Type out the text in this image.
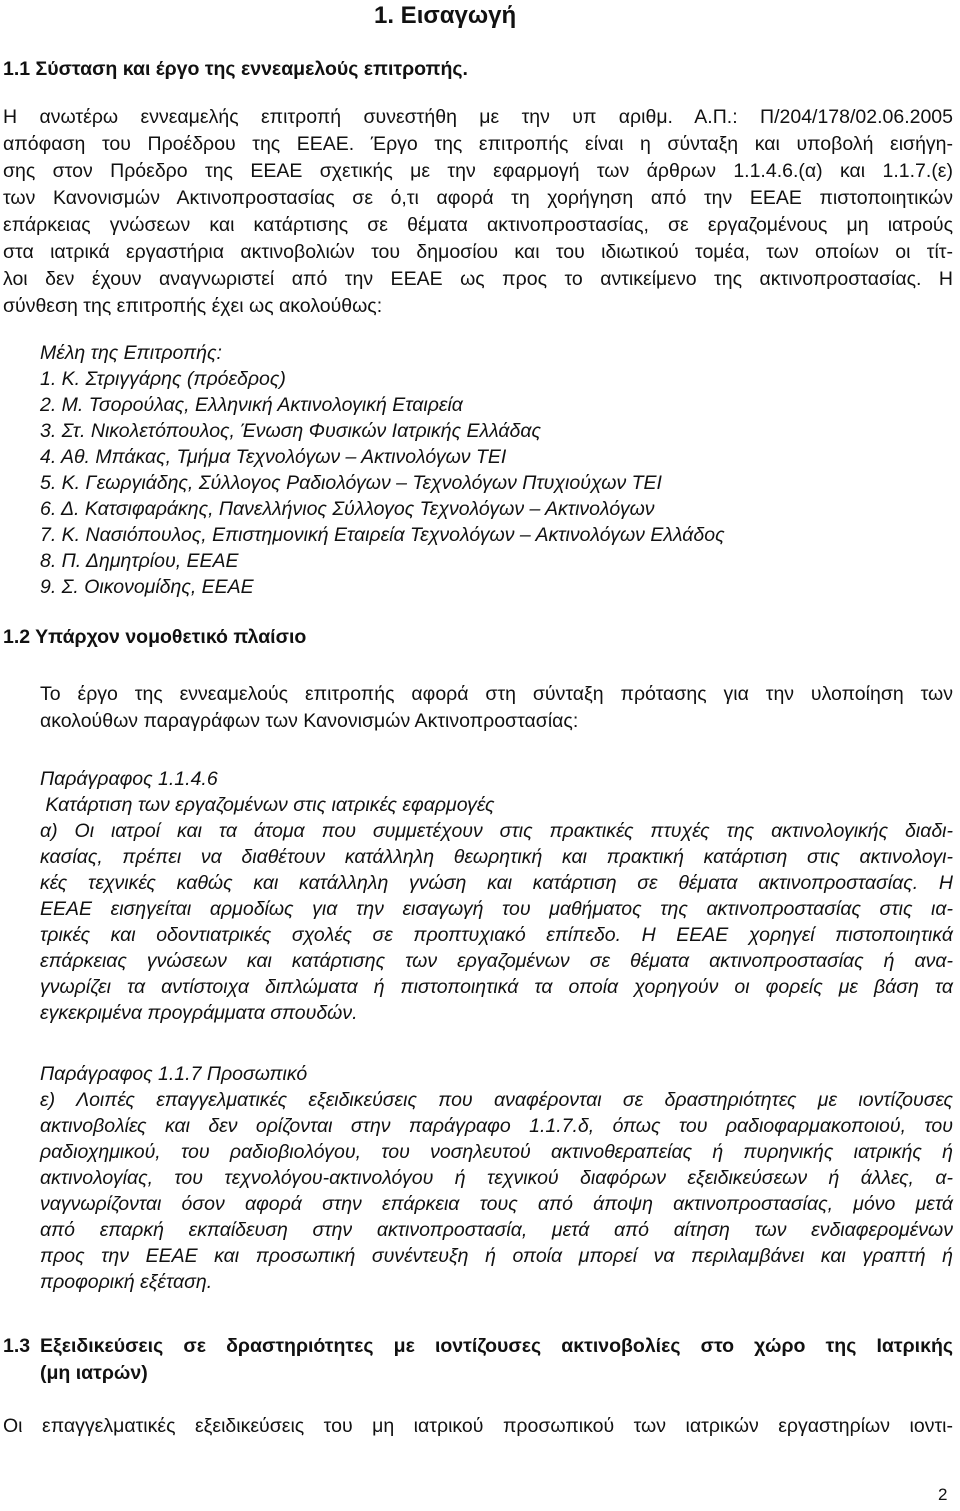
1. Εισαγωγή
1.1 Σύσταση και έργο της εννεαμελούς επιτροπής.
Η ανωτέρω εννεαμελής επιτροπή συνεστήθη με την υπ αριθμ. Α.Π.: Π/204/178/02.06.2005
απόφαση του Προέδρου της ΕΕΑΕ. Έργο της επιτροπής είναι η σύνταξη και υποβολή εισήγη-
σης στον Πρόεδρο της ΕΕΑΕ σχετικής με την εφαρμογή των άρθρων 1.1.4.6.(α) και 1.1.7.(ε)
των Κανονισμών Ακτινοπροστασίας σε ό,τι αφορά τη χορήγηση από την ΕΕΑΕ πιστοποιητικών
επάρκειας γνώσεων και κατάρτισης σε θέματα ακτινοπροστασίας, σε εργαζομένους μη ιατρούς
στα ιατρικά εργαστήρια ακτινοβολιών του δημοσίου και του ιδιωτικού τομέα, των οποίων οι τίτ-
λοι δεν έχουν αναγνωριστεί από την ΕΕΑΕ ως προς το αντικείμενο της ακτινοπροστασίας. Η
σύνθεση της επιτροπής έχει ως ακολούθως:
Μέλη της Επιτροπής:
1. Κ. Στριγγάρης (πρόεδρος)
2. Μ. Τσορούλας, Ελληνική Ακτινολογική Εταιρεία
3. Στ. Νικολετόπουλος, Ένωση Φυσικών Ιατρικής Ελλάδας
4. Αθ. Μπάκας, Τμήμα Τεχνολόγων – Ακτινολόγων ΤΕΙ
5. Κ. Γεωργιάδης, Σύλλογος Ραδιολόγων – Τεχνολόγων Πτυχιούχων ΤΕΙ
6. Δ. Κατσιφαράκης, Πανελλήνιος Σύλλογος Τεχνολόγων – Ακτινολόγων
7. Κ. Νασιόπουλος, Επιστημονική Εταιρεία Τεχνολόγων – Ακτινολόγων Ελλάδος
8. Π. Δημητρίου, ΕΕΑΕ
9. Σ. Οικονομίδης, ΕΕΑΕ
1.2 Υπάρχον νομοθετικό πλαίσιο
Το έργο της εννεαμελούς επιτροπής αφορά στη σύνταξη πρότασης για την υλοποίηση των
ακολούθων παραγράφων των Κανονισμών Ακτινοπροστασίας:
Παράγραφος 1.1.4.6
Κατάρτιση των εργαζομένων στις ιατρικές εφαρμογές
α) Οι ιατροί και τα άτομα που συμμετέχουν στις πρακτικές πτυχές της ακτινολογικής διαδι-
κασίας, πρέπει να διαθέτουν κατάλληλη θεωρητική και πρακτική κατάρτιση στις ακτινολογι-
κές τεχνικές καθώς και κατάλληλη γνώση και κατάρτιση σε θέματα ακτινοπροστασίας. Η
ΕΕΑΕ εισηγείται αρμοδίως για την εισαγωγή του μαθήματος της ακτινοπροστασίας στις ια-
τρικές και οδοντιατρικές σχολές σε προπτυχιακό επίπεδο. Η ΕΕΑΕ χορηγεί πιστοποιητικά
επάρκειας γνώσεων και κατάρτισης των εργαζομένων σε θέματα ακτινοπροστασίας ή ανα-
γνωρίζει τα αντίστοιχα διπλώματα ή πιστοποιητικά τα οποία χορηγούν οι φορείς με βάση τα
εγκεκριμένα προγράμματα σπουδών.
Παράγραφος 1.1.7 Προσωπικό
ε) Λοιπές επαγγελματικές εξειδικεύσεις που αναφέρονται σε δραστηριότητες με ιοντίζουσες
ακτινοβολίες και δεν ορίζονται στην παράγραφο 1.1.7.δ, όπως του ραδιοφαρμακοποιού, του
ραδιοχημικού, του ραδιοβιολόγου, του νοσηλευτού ακτινοθεραπείας ή πυρηνικής ιατρικής ή
ακτινολογίας, του τεχνολόγου-ακτινολόγου ή τεχνικού διαφόρων εξειδικεύσεων ή άλλες, α-
ναγνωρίζονται όσον αφορά στην επάρκεια τους από άποψη ακτινοπροστασίας, μόνο μετά
από επαρκή εκπαίδευση στην ακτινοπροστασία, μετά από αίτηση των ενδιαφερομένων
προς την ΕΕΑΕ και προσωπική συνέντευξη ή οποία μπορεί να περιλαμβάνει και γραπτή ή
προφορική εξέταση.
1.3 Εξειδικεύσεις σε δραστηριότητες με ιοντίζουσες ακτινοβολίες στο χώρο της Ιατρικής
(μη ιατρών)
Οι επαγγελματικές εξειδικεύσεις του μη ιατρικού προσωπικού των ιατρικών εργαστηρίων ιοντι-
2
